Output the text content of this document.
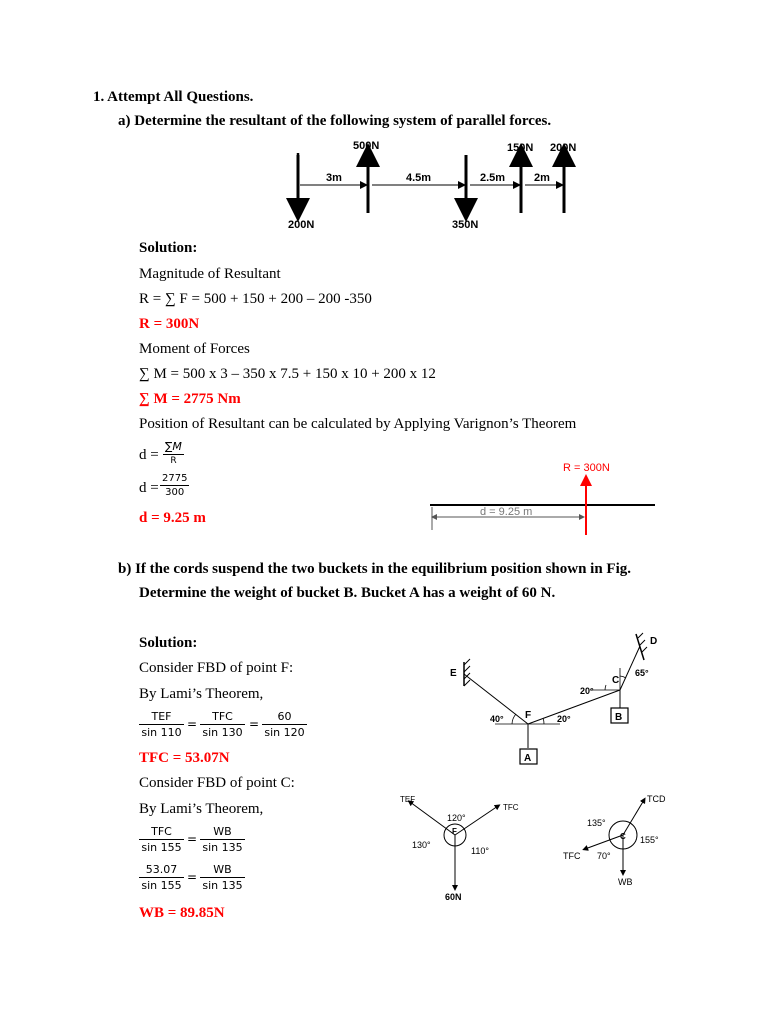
1. Attempt All Questions.
a) Determine the resultant of the following system of parallel forces.
200N
500N
350N
150N 200N
3m	4.5m	2.5m	2m
Solution:
Magnitude of Resultant
R = ∑ F = 500 + 150 + 200 – 200 -350
R = 300N
Moment of Forces
∑ M = 500 x 3 – 350 x 7.5 + 150 x 10 + 200 x 12
∑ M = 2775 Nm
Position of Resultant can be calculated by Applying Varignon’s Theorem
d =
∑M
R
d =
2775
300
d = 9.25 m
R = 300N
d = 9.25 m
b) If the cords suspend the two buckets in the equilibrium position shown in Fig.
Determine the weight of bucket B. Bucket A has a weight of 60 N.
Solution:
Consider FBD of point F:
By Lami’s Theorem,
TEF
sin 110
=
TFC
sin 130
=
60
sin 120
TFC = 53.07N
Consider FBD of point C:
By Lami’s Theorem,
TFC
sin 155
=
WB
sin 135
53.07
sin 155
=
WB
sin 135
WB = 89.85N
E
F
C
D
A
B
40°	20°
20°
65°
TEF
TFC
120°
130°
110°
60N
F
TCD
TFC
WB
135°
155°
70°
C
